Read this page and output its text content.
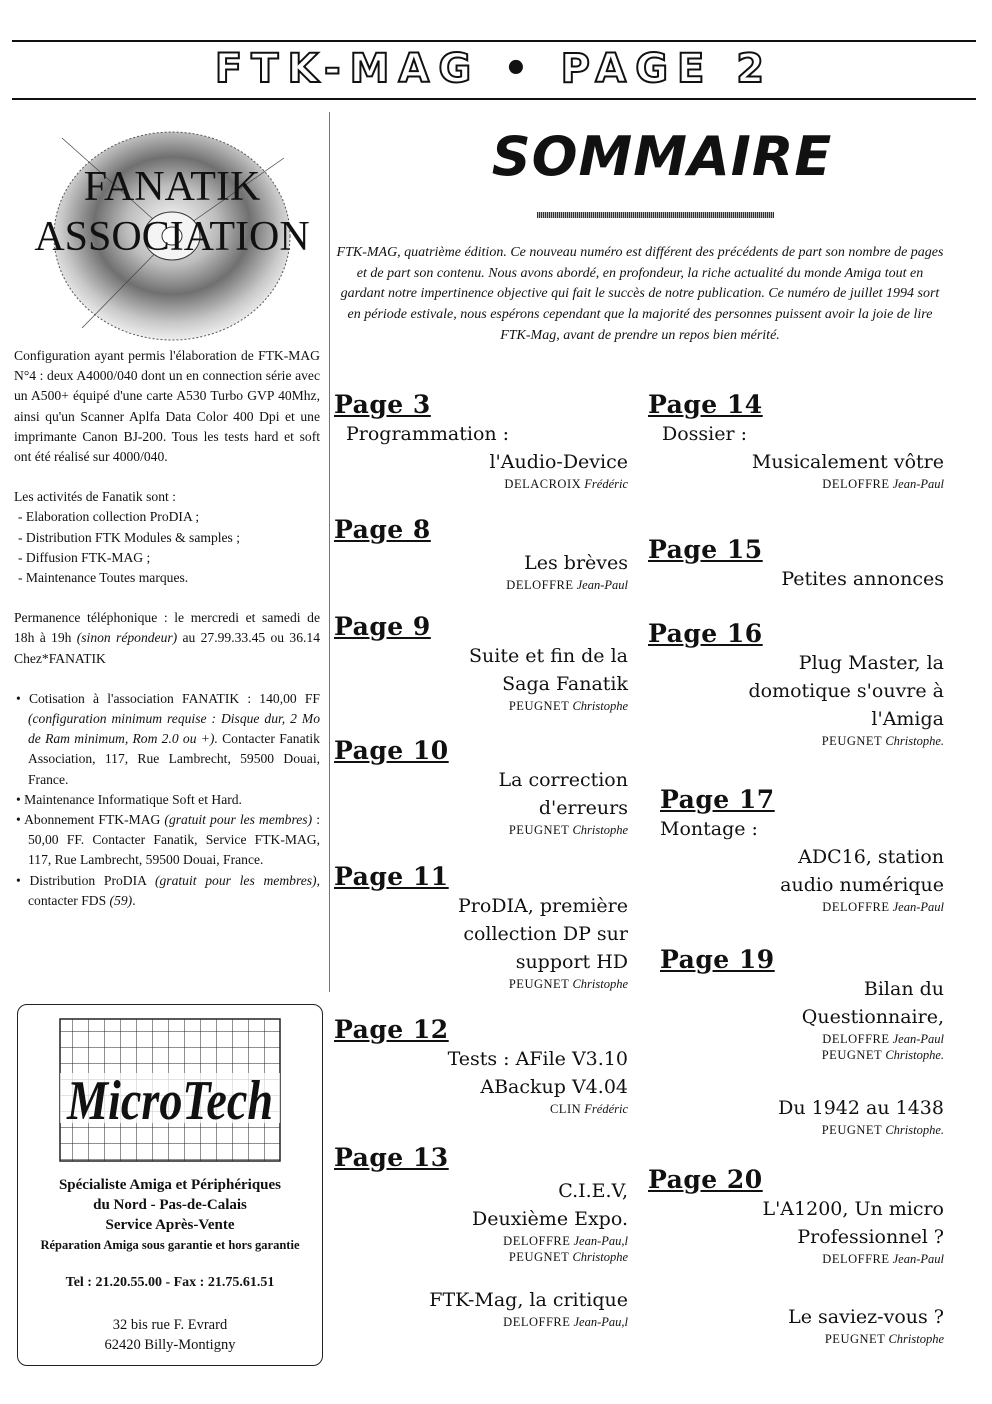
FTK-MAG • PAGE 2
FANATIK
ASSOCIATION

Configuration ayant permis l'élaboration de FTK-MAG N°4 : deux A4000/040 dont un en connection série avec un A500+ équipé d'une carte A530 Turbo GVP 40Mhz, ainsi qu'un Scanner Aplfa Data Color 400 Dpi et une imprimante Canon BJ-200. Tous les tests hard et soft ont été réalisé sur 4000/040.

Les activités de Fanatik sont :

- Elaboration collection ProDIA ;

- Distribution FTK Modules & samples ;

- Diffusion FTK-MAG ;

- Maintenance Toutes marques.

Permanence téléphonique : le mercredi et samedi de 18h à 19h (sinon répondeur) au 27.99.33.45 ou 36.14 Chez*FANATIK

• Cotisation à l'association FANATIK : 140,00 FF (configuration minimum requise : Disque dur, 2 Mo de Ram minimum, Rom 2.0 ou +). Contacter Fanatik Association, 117, Rue Lambrecht, 59500 Douai, France.

• Maintenance Informatique Soft et Hard.

• Abonnement FTK-MAG (gratuit pour les membres) : 50,00 FF. Contacter Fanatik, Service FTK-MAG, 117, Rue Lambrecht, 59500 Douai, France.

• Distribution ProDIA (gratuit pour les membres), contacter FDS (59).

MicroTech
Spécialiste Amiga et Périphériques
du Nord - Pas-de-Calais
Service Après-Vente
Réparation Amiga sous garantie et hors garantie
Tel : 21.20.55.00 - Fax : 21.75.61.51
32 bis rue F. Evrard
62420 Billy-Montigny
SOMMAIRE

FTK-MAG, quatrième édition. Ce nouveau numéro est différent des précédents de part son nombre de pages et de part son contenu. Nous avons abordé, en profondeur, la riche actualité du monde Amiga tout en gardant notre impertinence objective qui fait le succès de notre publication. Ce numéro de juillet 1994 sort en période estivale, nous espérons cependant que la majorité des personnes puissent avoir la joie de lire FTK-Mag, avant de prendre un repos bien mérité.

Page 3
Programmation :
l'Audio-Device
DELACROIX Frédéric
Page 8
Les brèves
DELOFFRE Jean-Paul
Page 9
Suite et fin de la
Saga Fanatik
PEUGNET Christophe
Page 10
La correction
d'erreurs
PEUGNET Christophe
Page 11
ProDIA, première
collection DP sur
support HD
PEUGNET Christophe
Page 12
Tests : AFile V3.10
ABackup V4.04
CLIN Frédéric
Page 13
C.I.E.V,
Deuxième Expo.
DELOFFRE Jean-Pau,l
PEUGNET Christophe
FTK-Mag, la critique
DELOFFRE Jean-Pau,l
Page 14
Dossier :
Musicalement vôtre
DELOFFRE Jean-Paul
Page 15
Petites annonces
Page 16
Plug Master, la
domotique s'ouvre à
l'Amiga
PEUGNET Christophe.
Page 17
Montage :
ADC16, station
audio numérique
DELOFFRE Jean-Paul
Page 19
Bilan du
Questionnaire,
DELOFFRE Jean-Paul
PEUGNET Christophe.
Du 1942 au 1438
PEUGNET Christophe.
Page 20
L'A1200, Un micro
Professionnel ?
DELOFFRE Jean-Paul
Le saviez-vous ?
PEUGNET Christophe
